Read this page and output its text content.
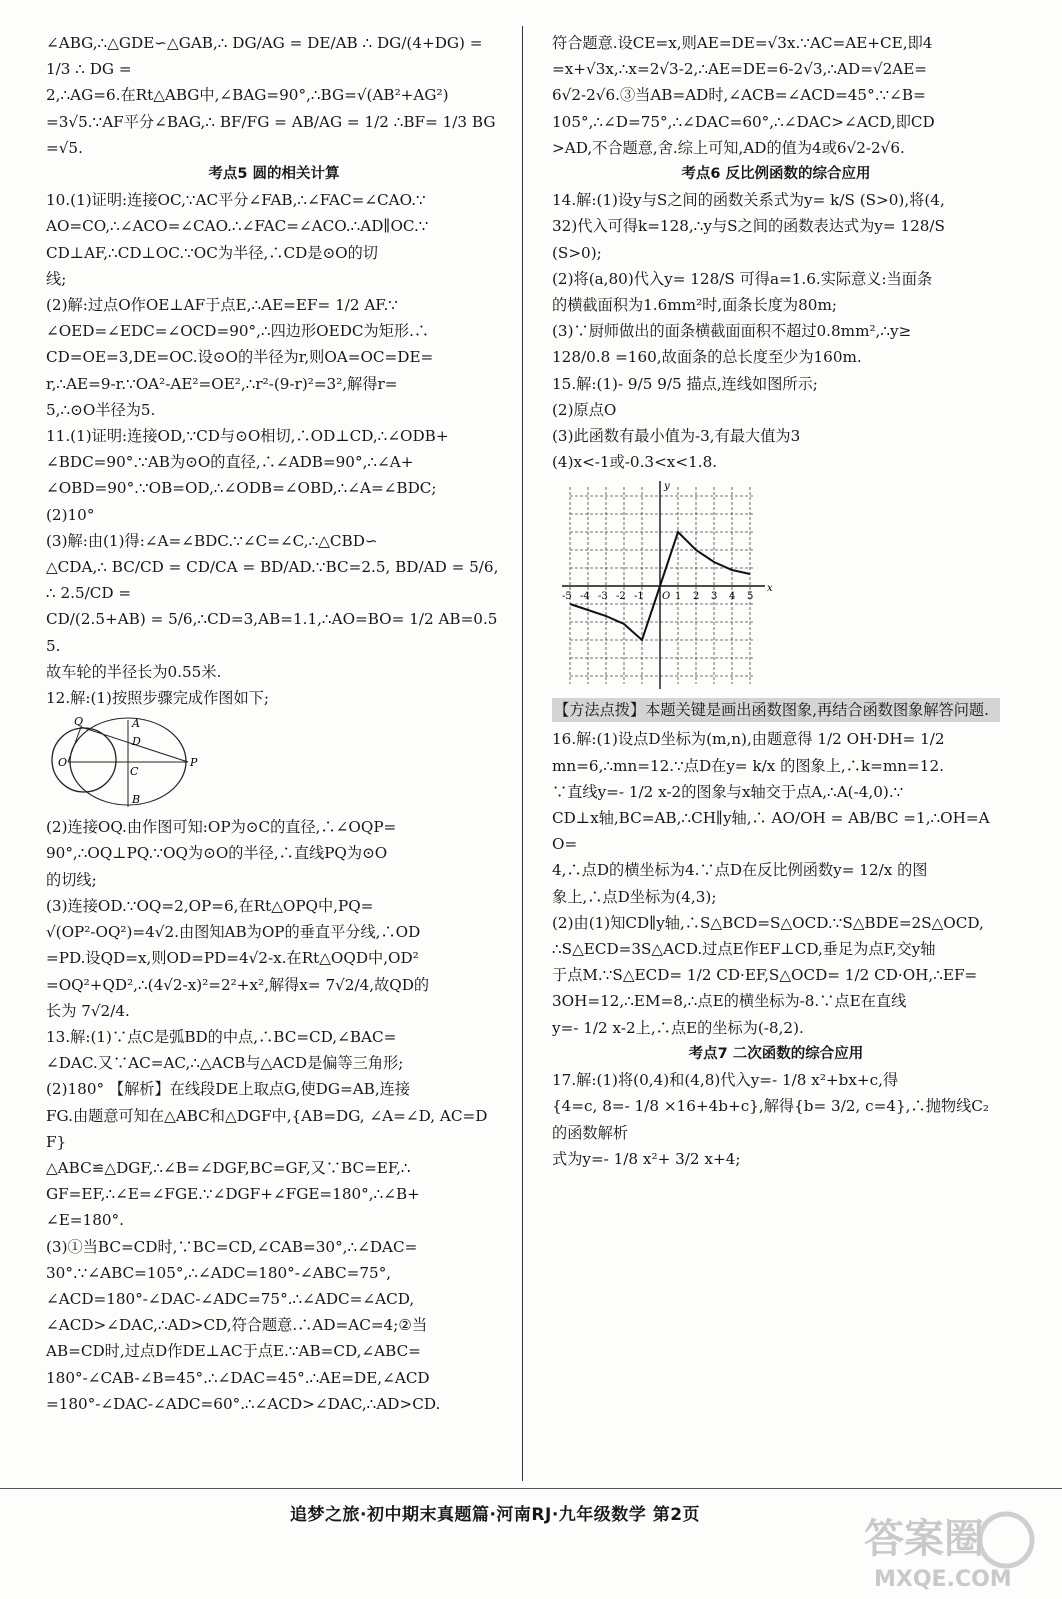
∠ABG,∴△GDE∽△GAB,∴ DG/AG = DE/AB ∴ DG/(4+DG) = 1/3 ∴ DG =

2,∴AG=6.在Rt△ABG中,∠BAG=90°,∴BG=√(AB²+AG²)

=3√5.∵AF平分∠BAG,∴ BF/FG = AB/AG = 1/2 ∴BF= 1/3 BG=√5.

考点5 圆的相关计算

10.(1)证明:连接OC,∵AC平分∠FAB,∴∠FAC=∠CAO.∵

AO=CO,∴∠ACO=∠CAO.∴∠FAC=∠ACO.∴AD∥OC.∵

CD⊥AF,∴CD⊥OC.∵OC为半径,∴CD是⊙O的切

线;

(2)解:过点O作OE⊥AF于点E,∴AE=EF= 1/2 AF.∵

∠OED=∠EDC=∠OCD=90°,∴四边形OEDC为矩形.∴

CD=OE=3,DE=OC.设⊙O的半径为r,则OA=OC=DE=

r,∴AE=9-r.∵OA²-AE²=OE²,∴r²-(9-r)²=3²,解得r=

5,∴⊙O半径为5.

11.(1)证明:连接OD,∵CD与⊙O相切,∴OD⊥CD,∴∠ODB+

∠BDC=90°.∵AB为⊙O的直径,∴∠ADB=90°,∴∠A+

∠OBD=90°.∵OB=OD,∴∠ODB=∠OBD,∴∠A=∠BDC;

(2)10°

(3)解:由(1)得:∠A=∠BDC.∵∠C=∠C,∴△CBD∽

△CDA,∴ BC/CD = CD/CA = BD/AD.∵BC=2.5, BD/AD = 5/6,∴ 2.5/CD =

CD/(2.5+AB) = 5/6,∴CD=3,AB=1.1,∴AO=BO= 1/2 AB=0.55.

故车轮的半径长为0.55米.

12.解:(1)按照步骤完成作图如下;

Q	A
D
O
C
P
B

(2)连接OQ.由作图可知:OP为⊙C的直径,∴∠OQP=

90°,∴OQ⊥PQ.∵OQ为⊙O的半径,∴直线PQ为⊙O

的切线;

(3)连接OD.∵OQ=2,OP=6,在Rt△OPQ中,PQ=

√(OP²-OQ²)=4√2.由图知AB为OP的垂直平分线,∴OD

=PD.设QD=x,则OD=PD=4√2-x.在Rt△OQD中,OD²

=OQ²+QD²,∴(4√2-x)²=2²+x²,解得x= 7√2/4,故QD的

长为 7√2/4.

13.解:(1)∵点C是弧BD的中点,∴BC=CD,∠BAC=

∠DAC.又∵AC=AC,∴△ACB与△ACD是偏等三角形;

(2)180° 【解析】在线段DE上取点G,使DG=AB,连接

FG.由题意可知在△ABC和△DGF中,{AB=DG, ∠A=∠D, AC=DF}

△ABC≌△DGF,∴∠B=∠DGF,BC=GF,又∵BC=EF,∴

GF=EF,∴∠E=∠FGE.∵∠DGF+∠FGE=180°,∴∠B+

∠E=180°.

(3)①当BC=CD时,∵BC=CD,∠CAB=30°,∴∠DAC=

30°.∵∠ABC=105°,∴∠ADC=180°-∠ABC=75°,

∠ACD=180°-∠DAC-∠ADC=75°.∴∠ADC=∠ACD,

∠ACD>∠DAC,∴AD>CD,符合题意.∴AD=AC=4;②当

AB=CD时,过点D作DE⊥AC于点E.∵AB=CD,∠ABC=

180°-∠CAB-∠B=45°.∴∠DAC=45°.∴AE=DE,∠ACD

=180°-∠DAC-∠ADC=60°.∴∠ACD>∠DAC,∴AD>CD.

符合题意.设CE=x,则AE=DE=√3x.∵AC=AE+CE,即4

=x+√3x,∴x=2√3-2,∴AE=DE=6-2√3,∴AD=√2AE=

6√2-2√6.③当AB=AD时,∠ACB=∠ACD=45°.∵∠B=

105°,∴∠D=75°,∴∠DAC=60°,∴∠DAC>∠ACD,即CD

>AD,不合题意,舍.综上可知,AD的值为4或6√2-2√6.

考点6 反比例函数的综合应用

14.解:(1)设y与S之间的函数关系式为y= k/S (S>0),将(4,

32)代入可得k=128,∴y与S之间的函数表达式为y= 128/S

(S>0);

(2)将(a,80)代入y= 128/S 可得a=1.6.实际意义:当面条

的横截面积为1.6mm²时,面条长度为80m;

(3)∵厨师做出的面条横截面面积不超过0.8mm²,∴y≥

128/0.8 =160,故面条的总长度至少为160m.

15.解:(1)- 9/5 9/5 描点,连线如图所示;

(2)原点O

(3)此函数有最小值为-3,有最大值为3

(4)x<-1或-0.3<x<1.8.

-5 -4 -3 -2 -1 O 1 2 3 4 5
x
y

【方法点拨】本题关键是画出函数图象,再结合函数图象解答问题.

16.解:(1)设点D坐标为(m,n),由题意得 1/2 OH·DH= 1/2

mn=6,∴mn=12.∵点D在y= k/x 的图象上,∴k=mn=12.

∵直线y=- 1/2 x-2的图象与x轴交于点A,∴A(-4,0).∵

CD⊥x轴,BC=AB,∴CH∥y轴,∴ AO/OH = AB/BC =1,∴OH=AO=

4,∴点D的横坐标为4.∵点D在反比例函数y= 12/x 的图

象上,∴点D坐标为(4,3);

(2)由(1)知CD∥y轴,∴S△BCD=S△OCD.∵S△BDE=2S△OCD,

∴S△ECD=3S△ACD.过点E作EF⊥CD,垂足为点F,交y轴

于点M.∵S△ECD= 1/2 CD·EF,S△OCD= 1/2 CD·OH,∴EF=

3OH=12,∴EM=8,∴点E的横坐标为-8.∵点E在直线

y=- 1/2 x-2上,∴点E的坐标为(-8,2).

考点7 二次函数的综合应用

17.解:(1)将(0,4)和(4,8)代入y=- 1/8 x²+bx+c,得

{4=c, 8=- 1/8 ×16+4b+c},解得{b= 3/2, c=4},∴抛物线C₂的函数解析

式为y=- 1/8 x²+ 3/2 x+4;

追梦之旅·初中期末真题篇·河南RJ·九年级数学 第2页
答案圈
MXQE.COM
